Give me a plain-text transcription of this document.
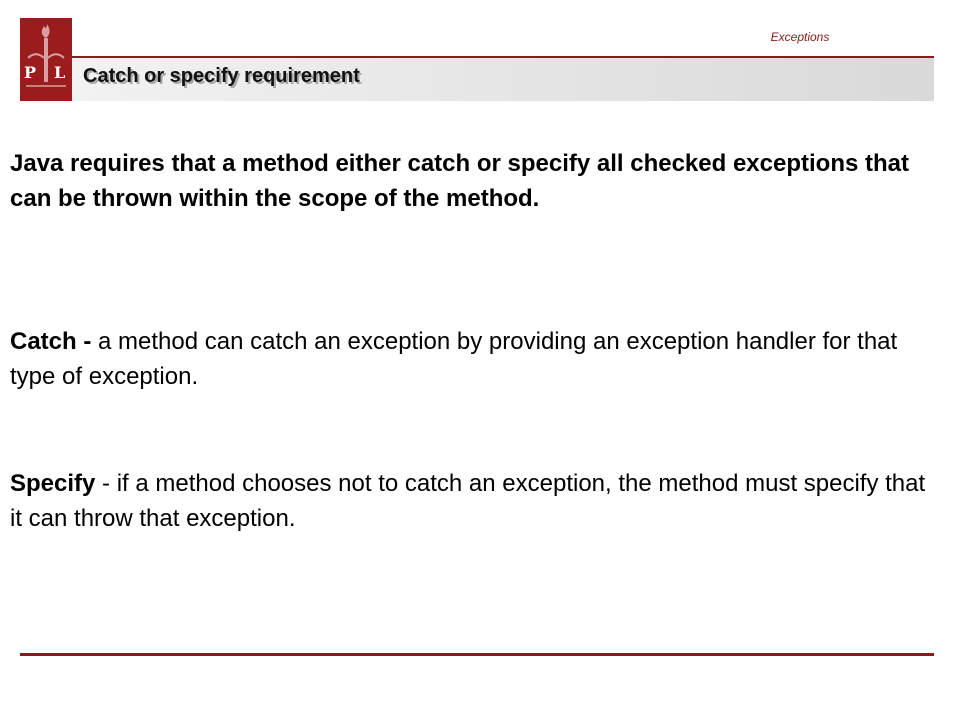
Exceptions
P L Catch or specify requirement

Java requires that a method either catch or specify all checked exceptions that can be thrown within the scope of the method.

Catch - a method can catch an exception by providing an exception handler for that type of exception.

Specify - if a method chooses not to catch an exception, the method must specify that it can throw that exception.
